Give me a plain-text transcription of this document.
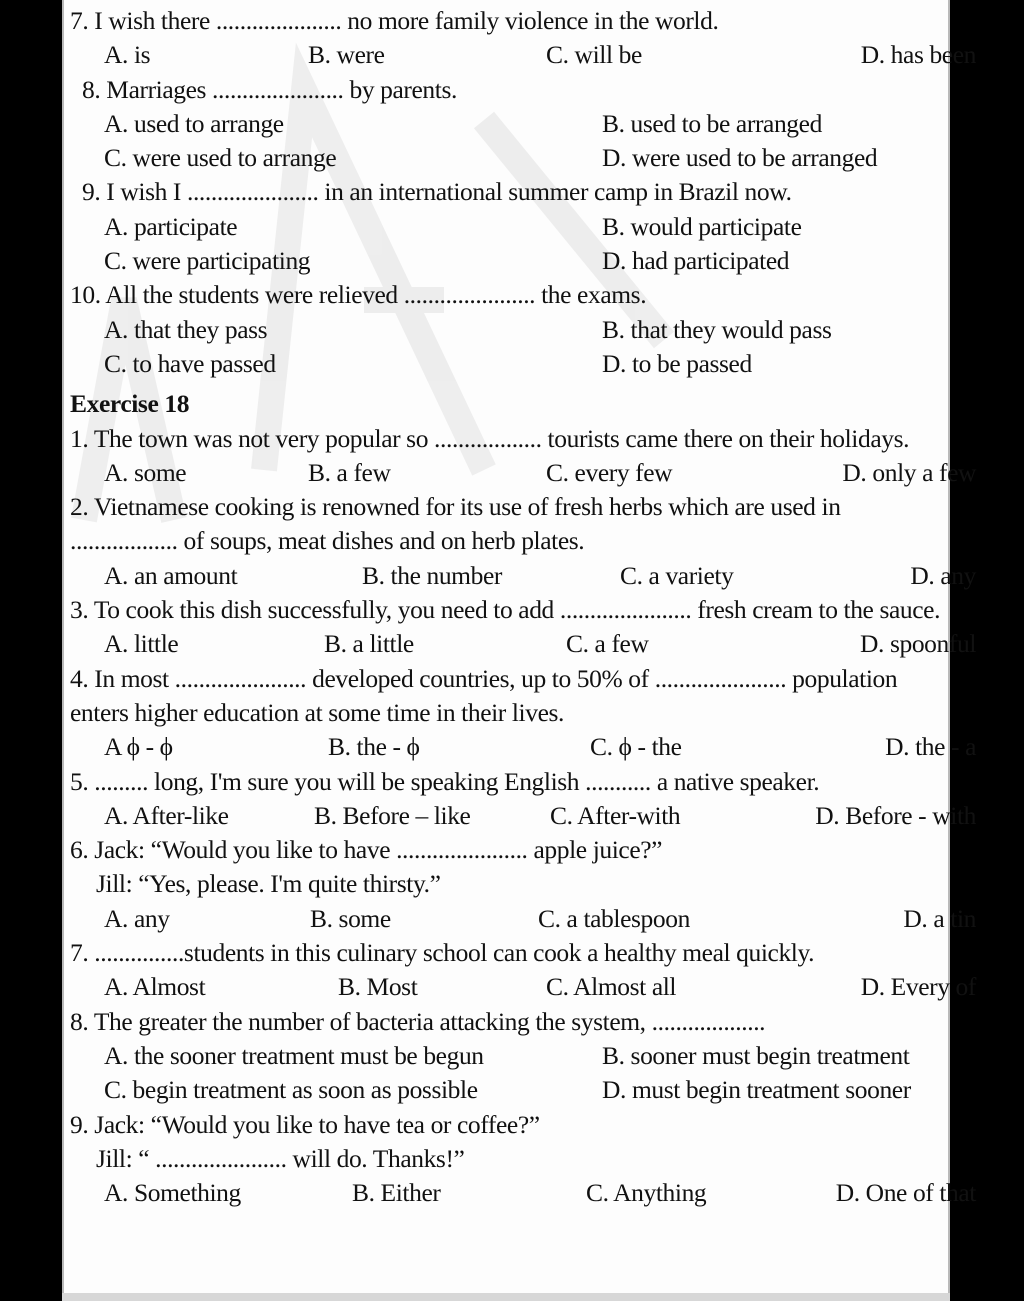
7. I wish there ..................... no more family violence in the world.
A. is	B. were	C. will be	D. has been
8. Marriages ...................... by parents.
A. used to arrange	B. used to be arranged
C. were used to arrange	D. were used to be arranged
9. I wish I ...................... in an international summer camp in Brazil now.
A. participate	B. would participate
C. were participating	D. had participated
10. All the students were relieved ...................... the exams.
A. that they pass	B. that they would pass
C. to have passed	D. to be passed
Exercise 18
1. The town was not very popular so .................. tourists came there on their holidays.
A. some	B. a few	C. every few	D. only a few
2. Vietnamese cooking is renowned for its use of fresh herbs which are used in .................. of soups, meat dishes and on herb plates.
A. an amount	B. the number	C. a variety	D. any
3. To cook this dish successfully, you need to add ...................... fresh cream to the sauce.
A. little	B. a little	C. a few	D. spoonful
4. In most ...................... developed countries, up to 50% of ...................... population enters higher education at some time in their lives.
A ϕ - ϕ	B. the - ϕ	C. ϕ - the	D. the - a
5. ......... long, I'm sure you will be speaking English ........... a native speaker.
A. After-like	B. Before – like	C. After-with	D. Before - with
6. Jack: “Would you like to have ...................... apple juice?”
Jill: “Yes, please. I'm quite thirsty.”
A. any	B. some	C. a tablespoon	D. a tin
7. ...............students in this culinary school can cook a healthy meal quickly.
A. Almost	B. Most	C. Almost all	D. Every of
8. The greater the number of bacteria attacking the system, ...................
A. the sooner treatment must be begun	B. sooner must begin treatment
C. begin treatment as soon as possible	D. must begin treatment sooner
9. Jack: “Would you like to have tea or coffee?”
Jill: “ ...................... will do. Thanks!”
A. Something	B. Either	C. Anything	D. One of that
